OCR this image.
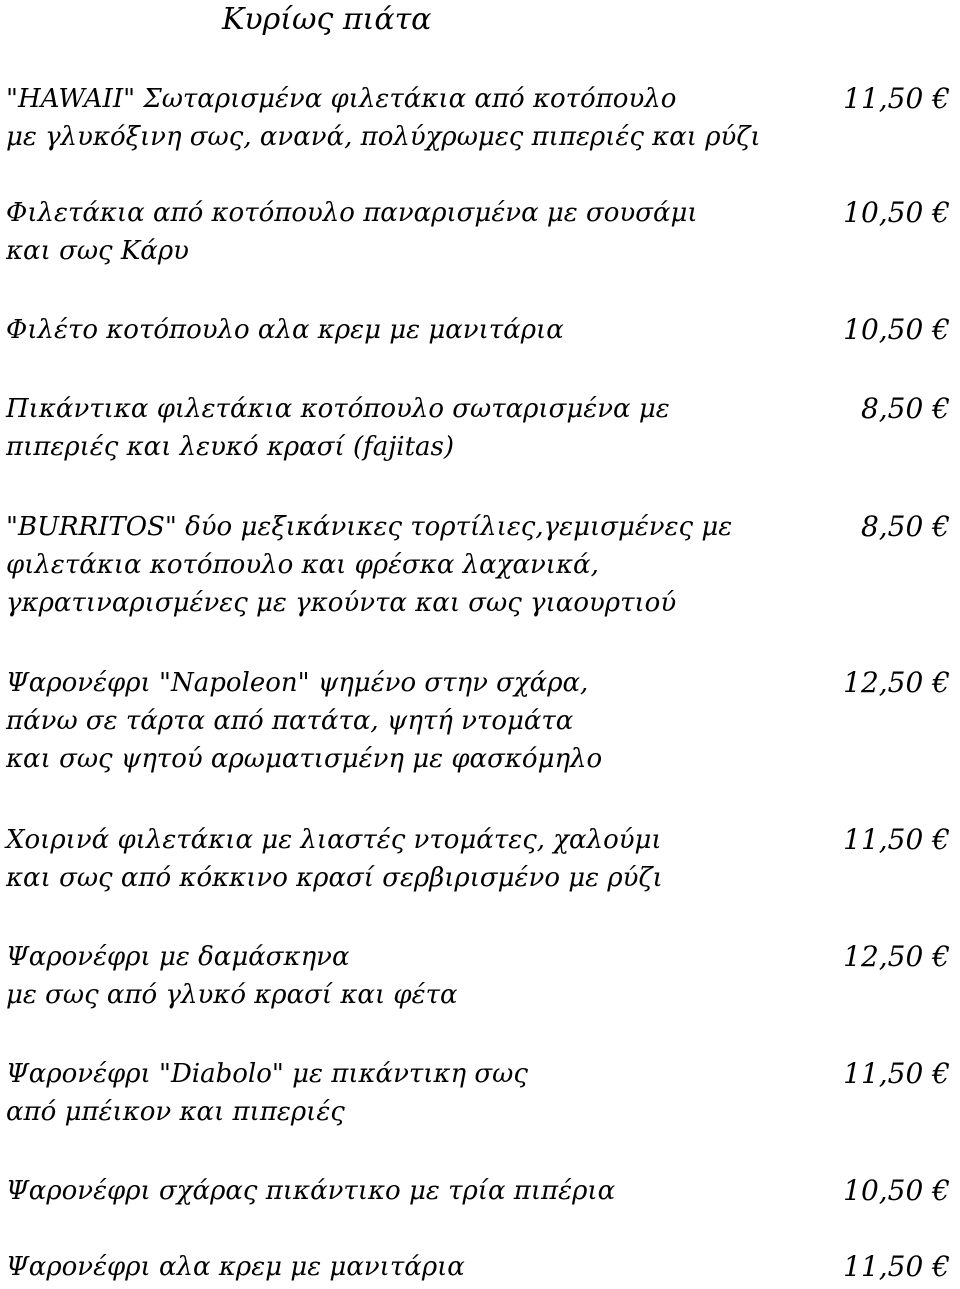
Κυρίως πιάτα
"HAWAII" Σωταρισμένα φιλετάκια από κοτόπουλο
με γλυκόξινη σως, ανανά, πολύχρωμες πιπεριές και ρύζι
11,50 €
Φιλετάκια από κοτόπουλο παναρισμένα με σουσάμι
και σως Κάρυ
10,50 €
Φιλέτο κοτόπουλο αλα κρεμ με μανιτάρια	10,50 €
Πικάντικα φιλετάκια κοτόπουλο σωταρισμένα με
πιπεριές και λευκό κρασί (fajitas)
8,50 €
"BURRITOS" δύο μεξικάνικες τορτίλιες,γεμισμένες με
φιλετάκια κοτόπουλο και φρέσκα λαχανικά,
γκρατιναρισμένες με γκούντα και σως γιαουρτιού
8,50 €
Ψαρονέφρι "Napoleon" ψημένο στην σχάρα,
πάνω σε τάρτα από πατάτα, ψητή ντομάτα
και σως ψητού αρωματισμένη με φασκόμηλο
12,50 €
Χοιρινά φιλετάκια με λιαστές ντομάτες, χαλούμι
και σως από κόκκινο κρασί σερβιρισμένο με ρύζι
11,50 €
Ψαρονέφρι με δαμάσκηνα
με σως από γλυκό κρασί και φέτα
12,50 €
Ψαρονέφρι "Diabolo" με πικάντικη σως
από μπέικον και πιπεριές
11,50 €
Ψαρονέφρι σχάρας πικάντικο με τρία πιπέρια	10,50 €
Ψαρονέφρι αλα κρεμ με μανιτάρια	11,50 €
